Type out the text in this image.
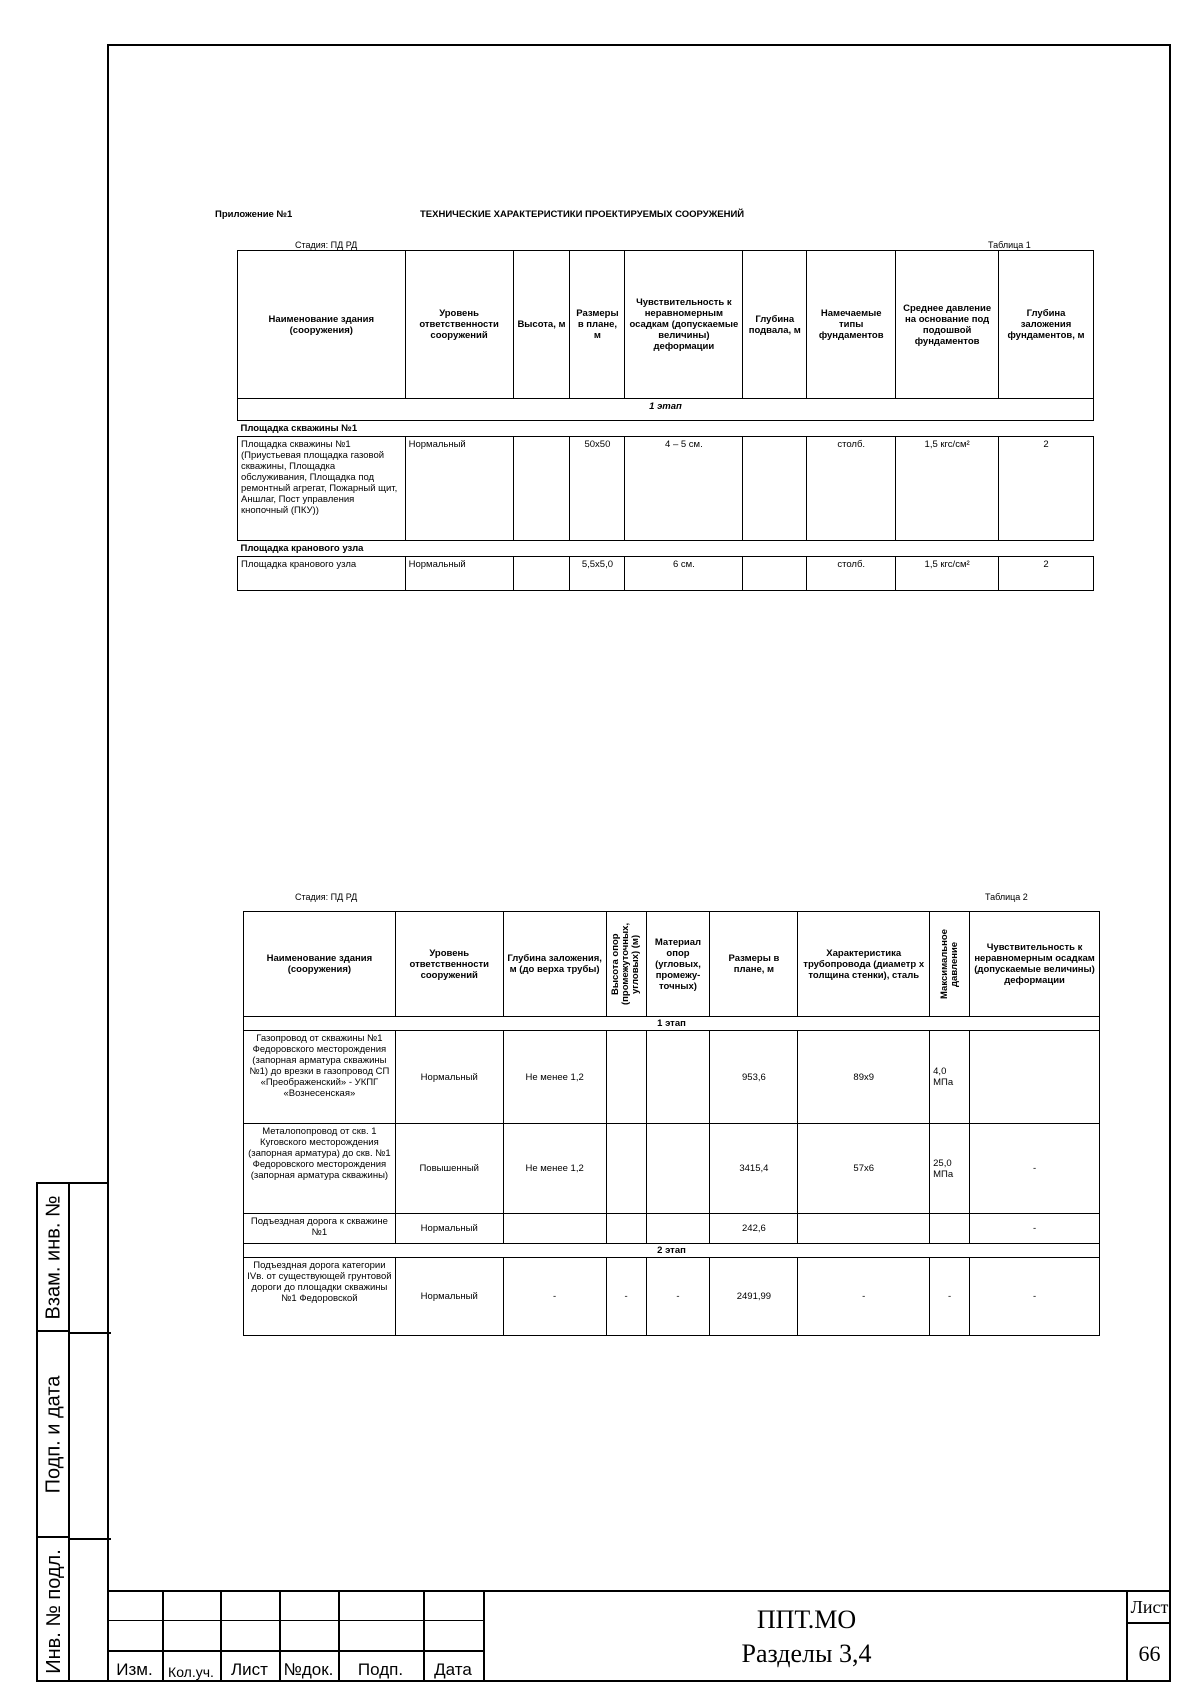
Приложение №1	ТЕХНИЧЕСКИЕ ХАРАКТЕРИСТИКИ ПРОЕКТИРУЕМЫХ СООРУЖЕНИЙ
Стадия: ПД РД	Таблица 1
Наименование здания (сооружения)	Уровень ответственности сооружений	Высота, м	Размеры в плане, м	Чувствительность к неравномерным осадкам (допускаемые величины) деформации	Глубина подвала, м	Намечаемые типы фундаментов	Среднее давление на основание под подошвой фундаментов	Глубина заложения фундаментов, м
1 этап								
Площадка скважины №1								
Площадка скважины №1 (Приустьевая площадка газовой скважины, Площадка обслуживания, Площадка под ремонтный агрегат, Пожарный щит, Аншлаг, Пост управления кнопочный (ПКУ))	Нормальный		50x50	4 – 5 см.		столб.	1,5 кгс/см²	2
Площадка кранового узла								
Площадка кранового узла	Нормальный		5,5x5,0	6 см.		столб.	1,5 кгс/см²	2
Стадия: ПД РД	Таблица 2
Наименование здания (сооружения)	Уровень ответственности сооружений	Глубина заложения, м (до верха трубы)	Высота опор (промежуточных, угловых) (м)	Материал опор (угловых, промежу-точных)	Размеры в плане, м	Характеристика трубопровода (диаметр х толщина стенки), сталь	Максимальное давление	Чувствительность к неравномерным осадкам (допускаемые величины) деформации
1 этап								
Газопровод от скважины №1 Федоровского месторождения (запорная арматура скважины №1) до врезки в газопровод СП «Преображенский» - УКПГ «Вознесенская»	Нормальный	Не менее 1,2			953,6	89x9	4,0 МПа	
Металопопровод от скв. 1 Куговского месторождения (запорная арматура) до скв. №1 Федоровского месторождения (запорная арматура скважины)	Повышенный	Не менее 1,2			3415,4	57x6	25,0 МПа	-
Подъездная дорога к скважине №1	Нормальный				242,6			-
2 этап								
Подъездная дорога категории IVв. от существующей грунтовой дороги до площадки скважины №1 Федоровской	Нормальный	-	-	-	2491,99	-	-	-
Взам. инв. №
Подп. и дата
Инв. № подл.	Изм.	Кол.уч.	Лист №док.	Подп.	Дата
ППТ.МО
Разделы 3,4
Лист
66
